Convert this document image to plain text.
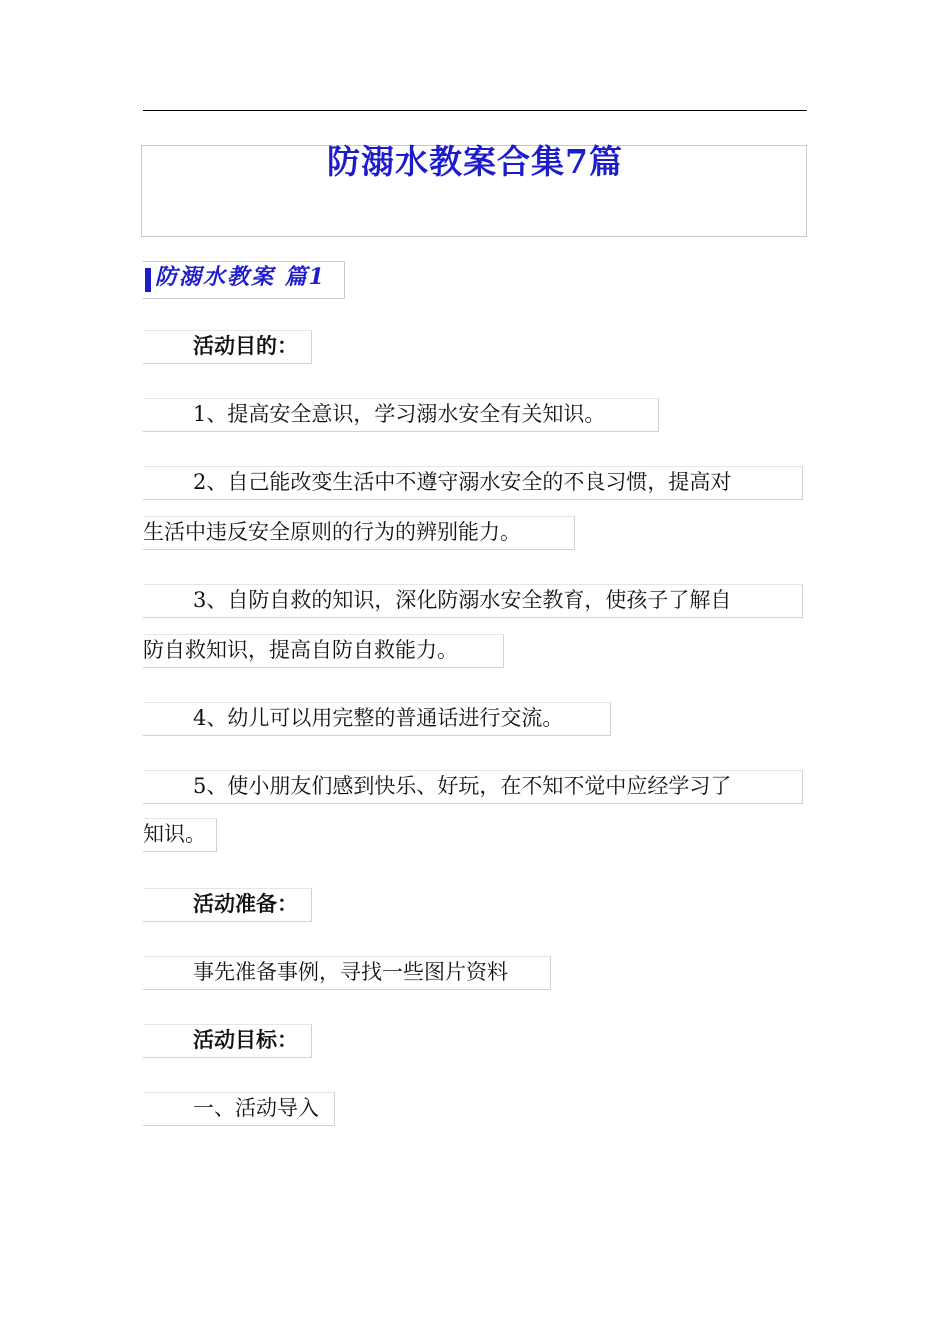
防溺水教案合集7篇
防溺水教案 篇1
活动目的：
1、提高安全意识，学习溺水安全有关知识。
2、自己能改变生活中不遵守溺水安全的不良习惯，提高对
生活中违反安全原则的行为的辨别能力。
3、自防自救的知识，深化防溺水安全教育，使孩子了解自
防自救知识，提高自防自救能力。
4、幼儿可以用完整的普通话进行交流。
5、使小朋友们感到快乐、好玩，在不知不觉中应经学习了
知识。
活动准备：
事先准备事例，寻找一些图片资料
活动目标：
一、活动导入
